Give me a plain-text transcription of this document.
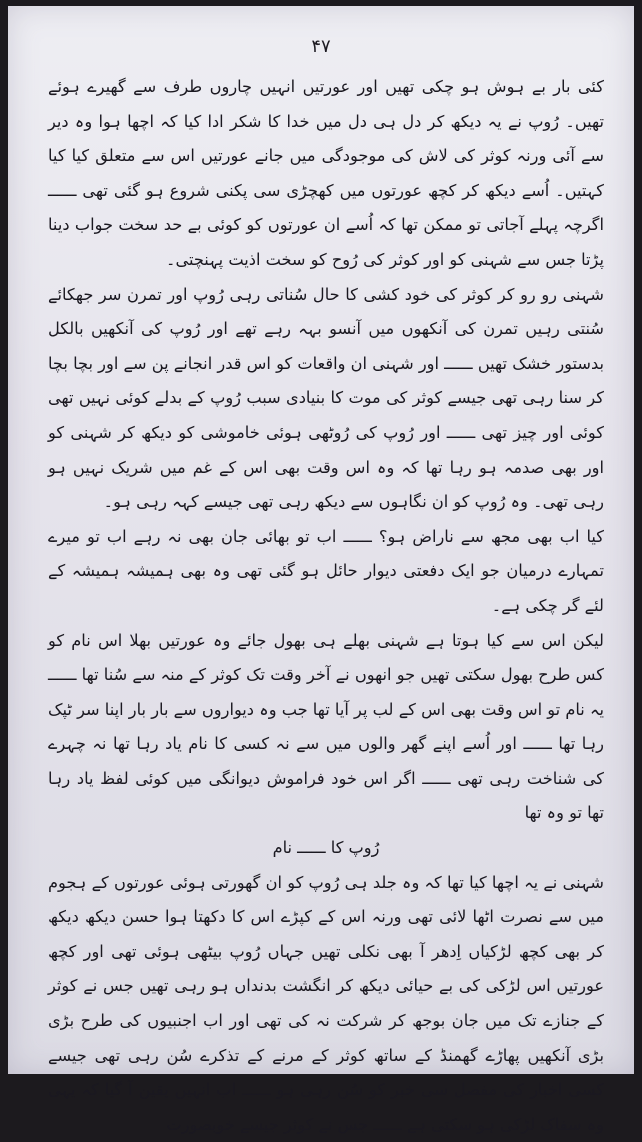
۴۷

کئی بار بے ہوش ہو چکی تھیں اور عورتیں انہیں چاروں طرف سے گھیرے ہوئے تھیں۔ رُوپ نے یہ دیکھ کر دل ہی دل میں خدا کا شکر ادا کیا کہ اچھا ہوا وہ دیر سے آئی ورنہ کوثر کی لاش کی موجودگی میں جانے عورتیں اس سے متعلق کیا کیا کہتیں۔ اُسے دیکھ کر کچھ عورتوں میں کھچڑی سی پکنی شروع ہو گئی تھی ــــــ اگرچہ پہلے آجاتی تو ممکن تھا کہ اُسے ان عورتوں کو کوئی بے حد سخت جواب دینا پڑتا جس سے شہنی کو اور کوثر کی رُوح کو سخت اذیت پہنچتی۔

شہنی رو رو کر کوثر کی خود کشی کا حال سُناتی رہی رُوپ اور تمرن سر جھکائے سُنتی رہیں تمرن کی آنکھوں میں آنسو بہہ رہے تھے اور رُوپ کی آنکھیں بالکل بدستور خشک تھیں ــــــ اور شہنی ان واقعات کو اس قدر انجانے پن سے اور بچا بچا کر سنا رہی تھی جیسے کوثر کی موت کا بنیادی سبب رُوپ کے بدلے کوئی نہیں تھی کوئی اور چیز تھی ــــــ اور رُوپ کی رُوٹھی ہوئی خاموشی کو دیکھ کر شہنی کو اور بھی صدمہ ہو رہا تھا کہ وہ اس وقت بھی اس کے غم میں شریک نہیں ہو رہی تھی۔ وہ رُوپ کو ان نگاہوں سے دیکھ رہی تھی جیسے کہہ رہی ہو۔

کیا اب بھی مجھ سے ناراض ہو؟ ــــــ اب تو بھائی جان بھی نہ رہے اب تو میرے تمہارے درمیان جو ایک دفعتی دیوار حائل ہو گئی تھی وہ بھی ہمیشہ ہمیشہ کے لئے گر چکی ہے۔

لیکن اس سے کیا ہوتا ہے شہنی بھلے ہی بھول جائے وہ عورتیں بھلا اس نام کو کس طرح بھول سکتی تھیں جو انھوں نے آخر وقت تک کوثر کے منہ سے سُنا تھا ــــــ یہ نام تو اس وقت بھی اس کے لب پر آیا تھا جب وہ دیواروں سے بار بار اپنا سر ٹپک رہا تھا ــــــ اور اُسے اپنے گھر والوں میں سے نہ کسی کا نام یاد رہا تھا نہ چہرے کی شناخت رہی تھی ــــــ اگر اس خود فراموش دیوانگی میں کوئی لفظ یاد رہا تھا تو وہ تھا

رُوپ کا ــــــ نام

شہنی نے یہ اچھا کیا تھا کہ وہ جلد ہی رُوپ کو ان گھورتی ہوئی عورتوں کے ہجوم میں سے نصرت اٹھا لائی تھی ورنہ اس کے کپڑے اس کا دکھتا ہوا حسن دیکھ دیکھ کر بھی کچھ لڑکیاں اِدھر آ بھی نکلی تھیں جہاں رُوپ بیٹھی ہوئی تھی اور کچھ عورتیں اس لڑکی کی بے حیائی دیکھ کر انگشت بدنداں ہو رہی تھیں جس نے کوثر کے جنازے تک میں جان بوجھ کر شرکت نہ کی تھی اور اب اجنبیوں کی طرح بڑی بڑی آنکھیں پھاڑے گھمنڈ کے ساتھ کوثر کے مرنے کے تذکرے سُن رہی تھی جیسے کسی اخبار کی مفصل سی خبر کو سُن رہی ہو ــــــ اب انہیں یقین آ گیا کہ یہی وہ سفاک لڑکی ہو سکتی ہے ــــــ جس نے کوثر جیسے خوبصورت
